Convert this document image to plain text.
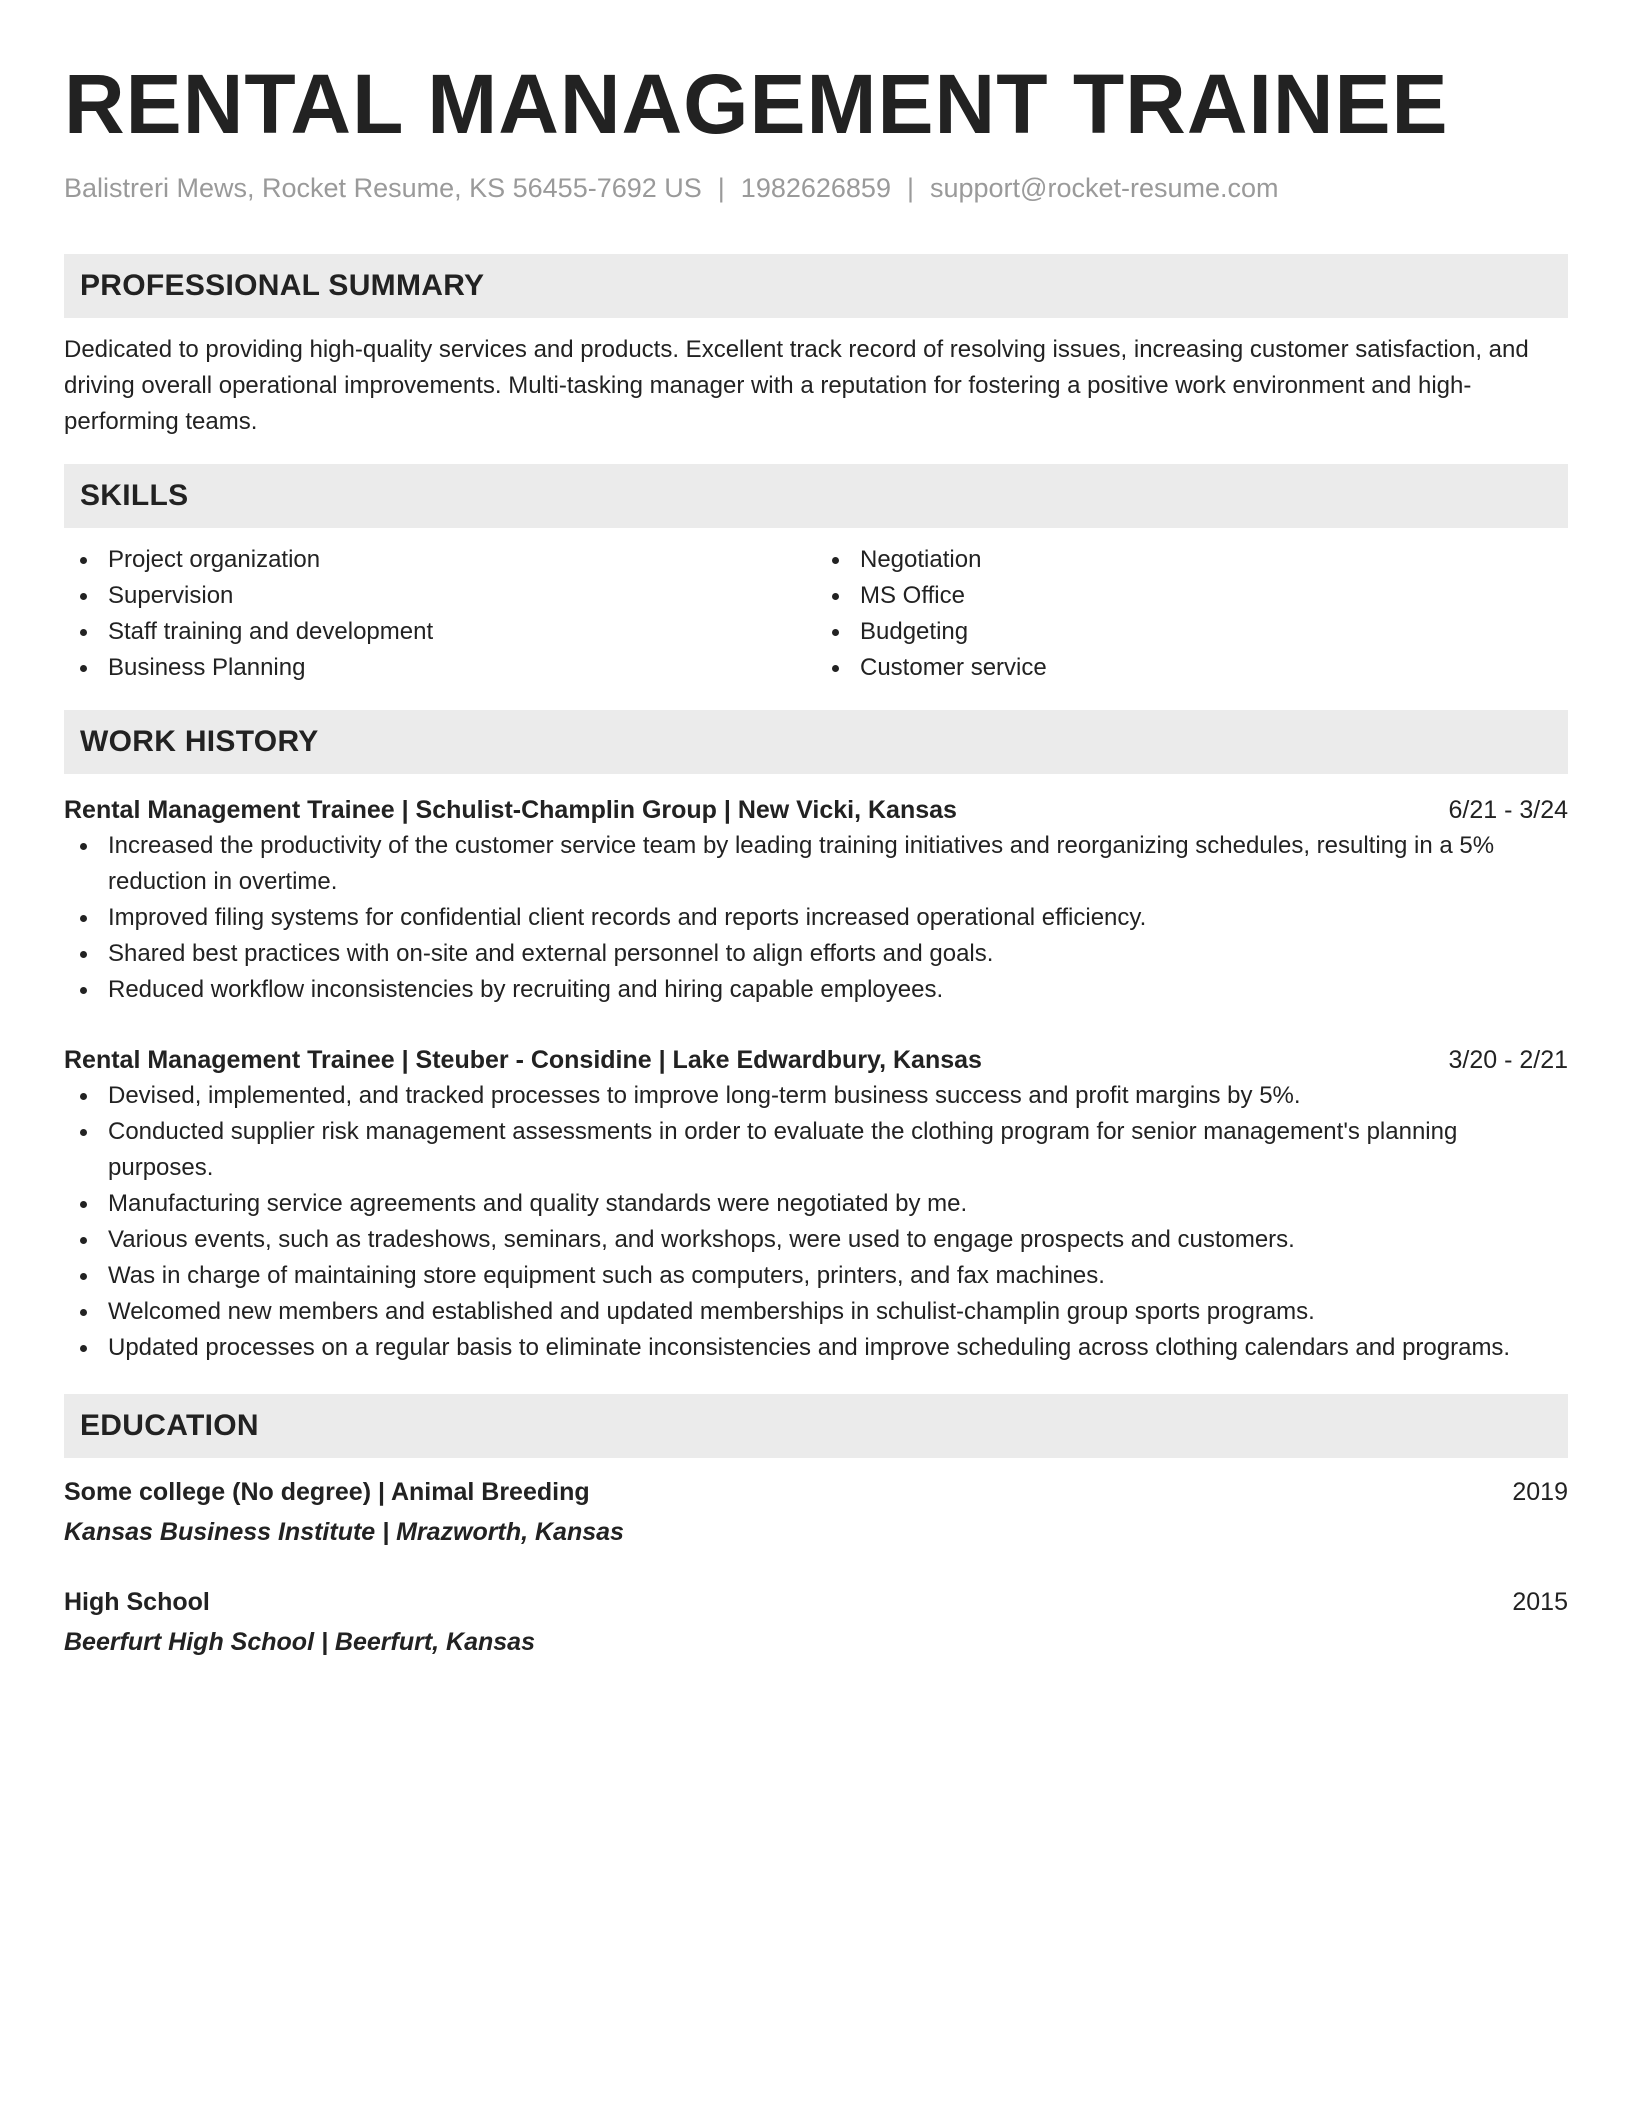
RENTAL MANAGEMENT TRAINEE
Balistreri Mews, Rocket Resume, KS 56455-7692 US | 1982626859 | support@rocket-resume.com
PROFESSIONAL SUMMARY
Dedicated to providing high-quality services and products. Excellent track record of resolving issues, increasing customer satisfaction, and driving overall operational improvements. Multi-tasking manager with a reputation for fostering a positive work environment and high-performing teams.
SKILLS
Project organization
Supervision
Staff training and development
Business Planning
Negotiation
MS Office
Budgeting
Customer service
WORK HISTORY
Rental Management Trainee | Schulist-Champlin Group | New Vicki, Kansas	6/21 - 3/24
Increased the productivity of the customer service team by leading training initiatives and reorganizing schedules, resulting in a 5% reduction in overtime.
Improved filing systems for confidential client records and reports increased operational efficiency.
Shared best practices with on-site and external personnel to align efforts and goals.
Reduced workflow inconsistencies by recruiting and hiring capable employees.
Rental Management Trainee | Steuber - Considine | Lake Edwardbury, Kansas	3/20 - 2/21
Devised, implemented, and tracked processes to improve long-term business success and profit margins by 5%.
Conducted supplier risk management assessments in order to evaluate the clothing program for senior management's planning purposes.
Manufacturing service agreements and quality standards were negotiated by me.
Various events, such as tradeshows, seminars, and workshops, were used to engage prospects and customers.
Was in charge of maintaining store equipment such as computers, printers, and fax machines.
Welcomed new members and established and updated memberships in schulist-champlin group sports programs.
Updated processes on a regular basis to eliminate inconsistencies and improve scheduling across clothing calendars and programs.
EDUCATION
Some college (No degree) | Animal Breeding	2019
Kansas Business Institute | Mrazworth, Kansas
High School	2015
Beerfurt High School | Beerfurt, Kansas
